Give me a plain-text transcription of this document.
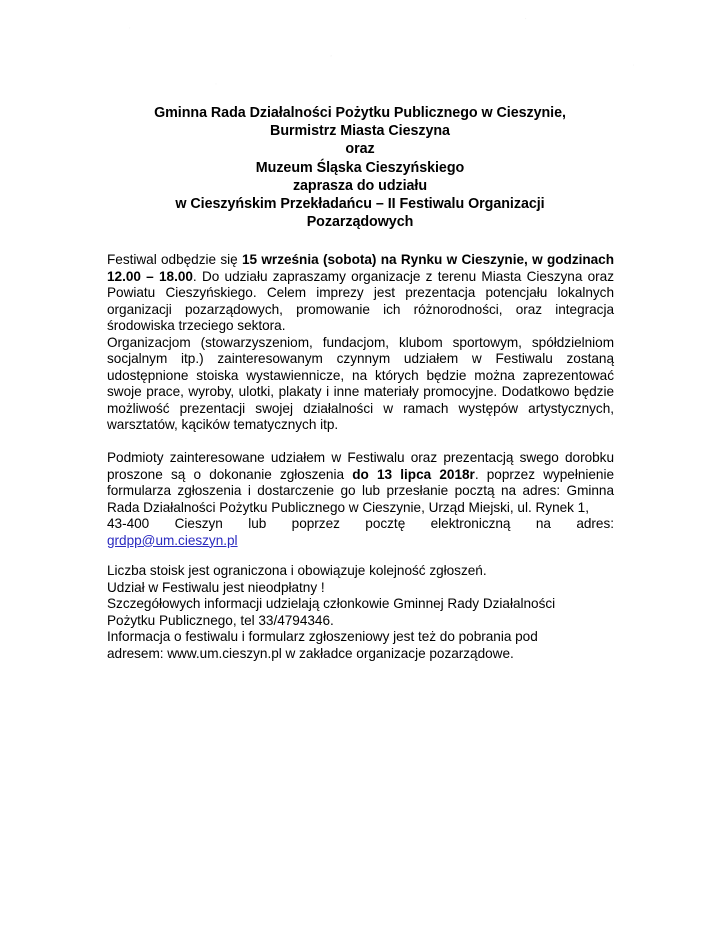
Gminna Rada Działalności Pożytku Publicznego w Cieszynie,
Burmistrz Miasta Cieszyna
oraz
Muzeum Śląska Cieszyńskiego
zaprasza do udziału
w Cieszyńskim Przekładańcu – II Festiwalu Organizacji
Pozarządowych

Festiwal odbędzie się 15 września (sobota) na Rynku w Cieszynie, w godzinach 12.00 – 18.00. Do udziału zapraszamy organizacje z terenu Miasta Cieszyna oraz Powiatu Cieszyńskiego. Celem imprezy jest prezentacja potencjału lokalnych organizacji pozarządowych, promowanie ich różnorodności, oraz integracja środowiska trzeciego sektora.

Organizacjom (stowarzyszeniom, fundacjom, klubom sportowym, spółdzielniom socjalnym itp.) zainteresowanym czynnym udziałem w Festiwalu zostaną udostępnione stoiska wystawiennicze, na których będzie można zaprezentować swoje prace, wyroby, ulotki, plakaty i inne materiały promocyjne. Dodatkowo będzie możliwość prezentacji swojej działalności w ramach występów artystycznych, warsztatów, kącików tematycznych itp.

Podmioty zainteresowane udziałem w Festiwalu oraz prezentacją swego dorobku proszone są o dokonanie zgłoszenia do 13 lipca 2018r. poprzez wypełnienie formularza zgłoszenia i dostarczenie go lub przesłanie pocztą na adres: Gminna Rada Działalności Pożytku Publicznego w Cieszynie, Urząd Miejski, ul. Rynek 1,
43-400 Cieszyn lub poprzez pocztę elektroniczną na adres:

grdpp@um.cieszyn.pl

Liczba stoisk jest ograniczona i obowiązuje kolejność zgłoszeń.

Udział w Festiwalu jest nieodpłatny !

Szczegółowych informacji udzielają członkowie Gminnej Rady Działalności

Pożytku Publicznego, tel 33/4794346.

Informacja o festiwalu i formularz zgłoszeniowy jest też do pobrania pod

adresem: www.um.cieszyn.pl w zakładce organizacje pozarządowe.
